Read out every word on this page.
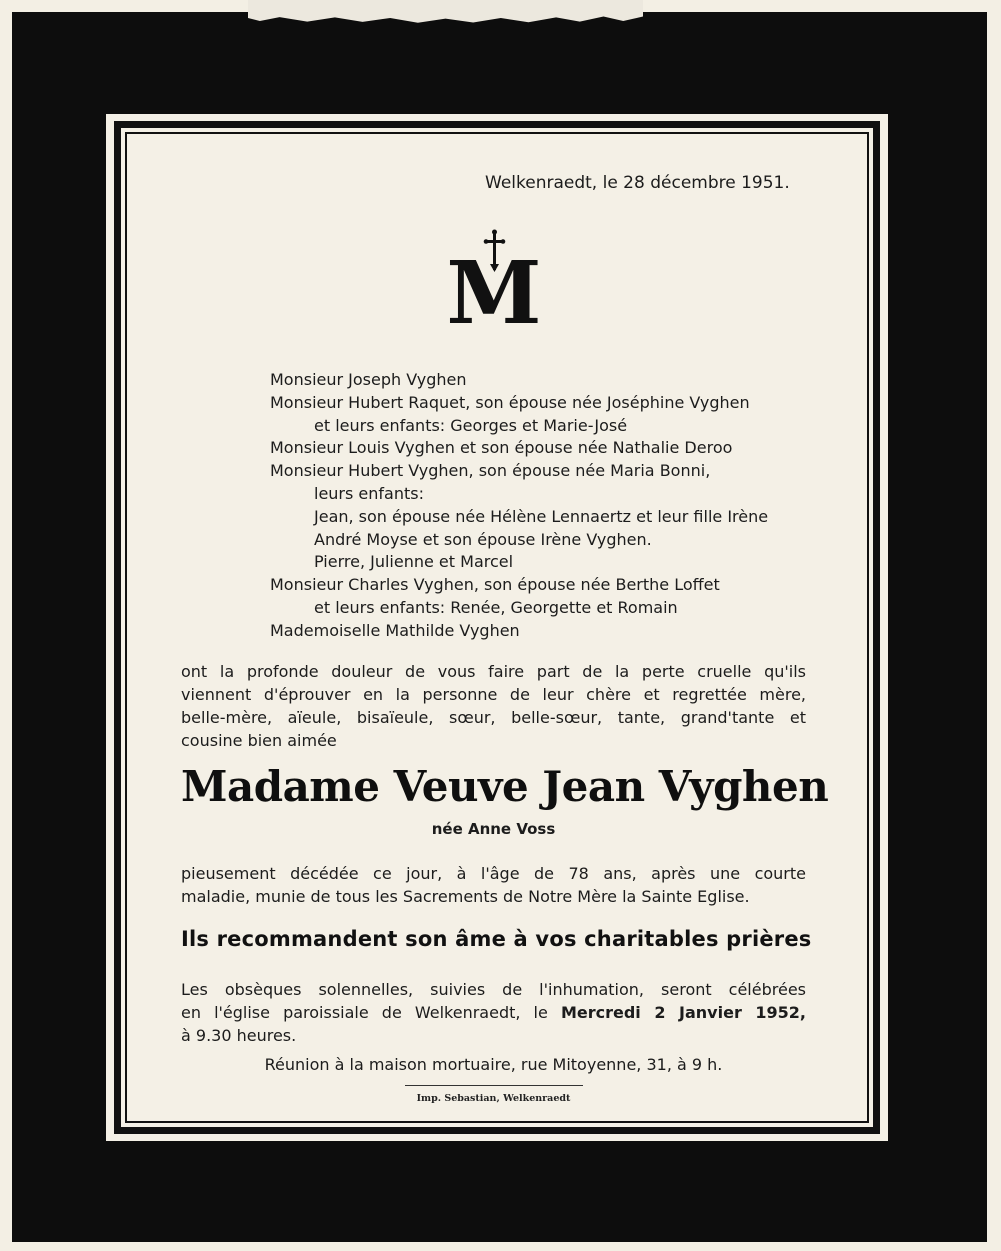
Welkenraedt, le 28 décembre 1951.
M
Monsieur Joseph Vyghen
Monsieur Hubert Raquet, son épouse née Joséphine Vyghen
et leurs enfants: Georges et Marie-José
Monsieur Louis Vyghen et son épouse née Nathalie Deroo
Monsieur Hubert Vyghen, son épouse née Maria Bonni,
leurs enfants:
Jean, son épouse née Hélène Lennaertz et leur fille Irène
André Moyse et son épouse Irène Vyghen.
Pierre, Julienne et Marcel
Monsieur Charles Vyghen, son épouse née Berthe Loffet
et leurs enfants: Renée, Georgette et Romain
Mademoiselle Mathilde Vyghen
ont la profonde douleur de vous faire part de la perte cruelle qu'ils
viennent d'éprouver en la personne de leur chère et regrettée mère,
belle-mère, aïeule, bisaïeule, sœur, belle-sœur, tante, grand'tante et
cousine bien aimée
Madame Veuve Jean Vyghen
née Anne Voss
pieusement décédée ce jour, à l'âge de 78 ans, après une courte
maladie, munie de tous les Sacrements de Notre Mère la Sainte Eglise.
Ils recommandent son âme à vos charitables prières
Les obsèques solennelles, suivies de l'inhumation, seront célébrées
en l'église paroissiale de Welkenraedt, le Mercredi 2 Janvier 1952,
à 9.30 heures.
Réunion à la maison mortuaire, rue Mitoyenne, 31, à 9 h.
Imp. Sebastian, Welkenraedt
